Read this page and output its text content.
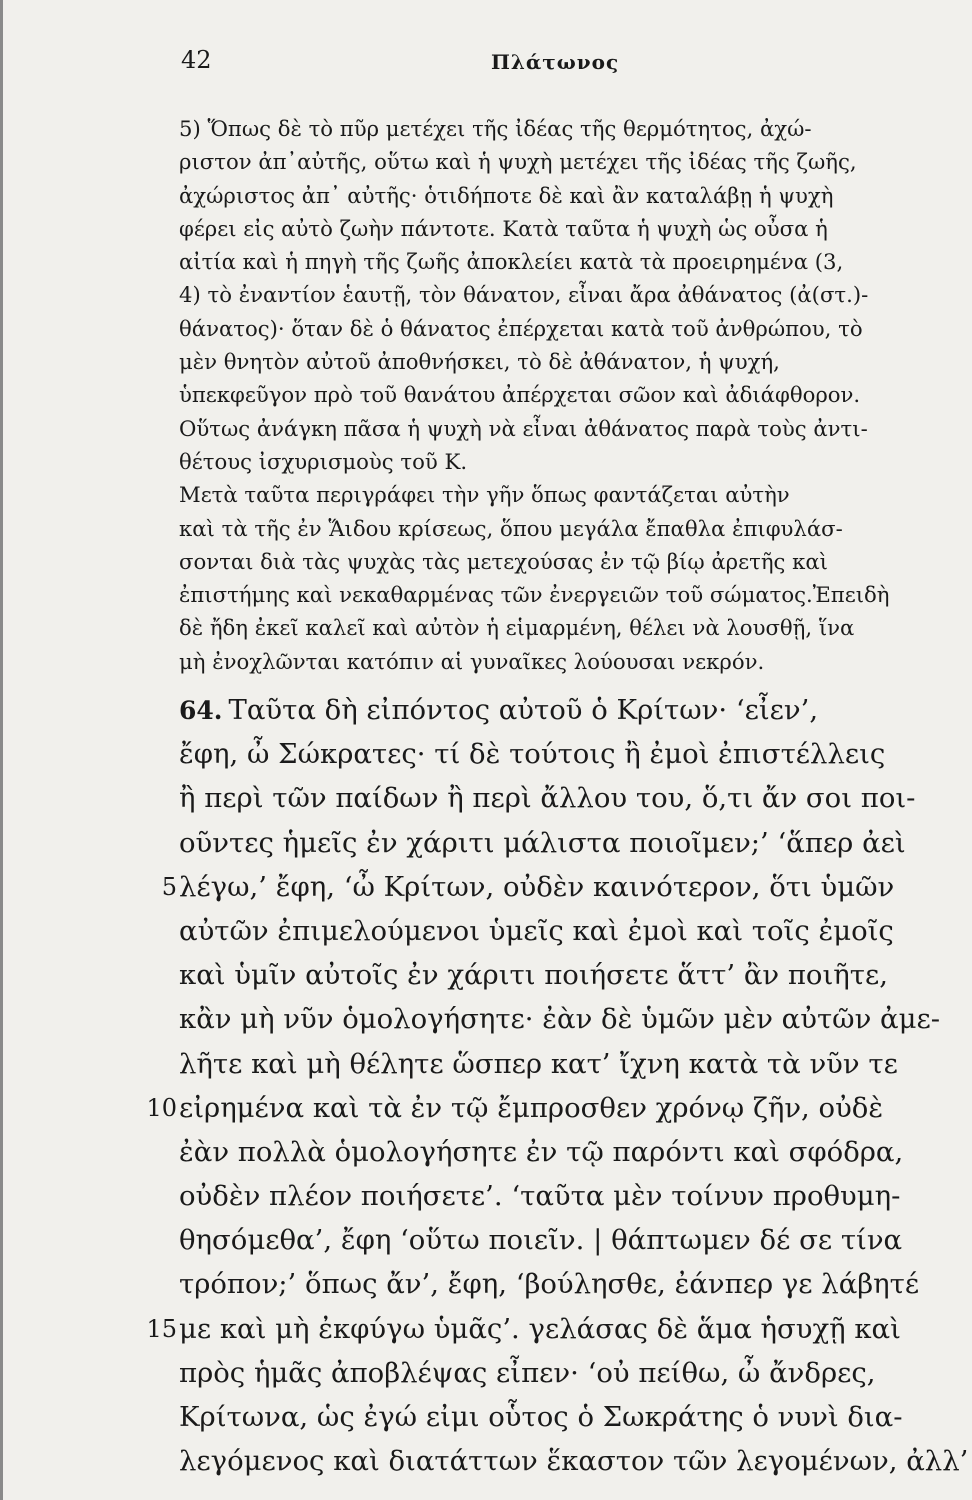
42	Πλάτωνος
5) Ὅπως δὲ τὸ πῦρ μετέχει τῆς ἰδέας τῆς θερμότητος, ἀχώ-
ριστον ἀπ᾽αὐτῆς, οὕτω καὶ ἡ ψυχὴ μετέχει τῆς ἰδέας τῆς ζωῆς,
ἀχώριστος ἀπ᾽ αὐτῆς· ὁτιδήποτε δὲ καὶ ἂν καταλάβῃ ἡ ψυχὴ
φέρει εἰς αὐτὸ ζωὴν πάντοτε. Κατὰ ταῦτα ἡ ψυχὴ ὡς οὖσα ἡ
αἰτία καὶ ἡ πηγὴ τῆς ζωῆς ἀποκλείει κατὰ τὰ προειρημένα (3,
4) τὸ ἐναντίον ἑαυτῇ, τὸν θάνατον, εἶναι ἄρα ἀθάνατος (ἀ(στ.)-
θάνατος)· ὅταν δὲ ὁ θάνατος ἐπέρχεται κατὰ τοῦ ἀνθρώπου, τὸ
μὲν θνητὸν αὐτοῦ ἀποθνήσκει, τὸ δὲ ἀθάνατον, ἡ ψυχή,
ὑπεκφεῦγον πρὸ τοῦ θανάτου ἀπέρχεται σῶον καὶ ἀδιάφθορον.
Οὕτως ἀνάγκη πᾶσα ἡ ψυχὴ νὰ εἶναι ἀθάνατος παρὰ τοὺς ἀντι-
θέτους ἰσχυρισμοὺς τοῦ Κ.
Μετὰ ταῦτα περιγράφει τὴν γῆν ὅπως φαντάζεται αὐτὴν
καὶ τὰ τῆς ἐν Ἅιδου κρίσεως, ὅπου μεγάλα ἔπαθλα ἐπιφυλάσ-
σονται διὰ τὰς ψυχὰς τὰς μετεχούσας ἐν τῷ βίῳ ἀρετῆς καὶ
ἐπιστήμης καὶ νεκαθαρμένας τῶν ἐνεργειῶν τοῦ σώματος.Ἐπειδὴ
δὲ ἤδη ἐκεῖ καλεῖ καὶ αὐτὸν ἡ εἱμαρμένη, θέλει νὰ λουσθῇ, ἵνα
μὴ ἐνοχλῶνται κατόπιν αἱ γυναῖκες λούουσαι νεκρόν.
64. Ταῦτα δὴ εἰπόντος αὐτοῦ ὁ Κρίτων· ‘εἶεν’,
ἔφη, ὦ Σώκρατες· τί δὲ τούτοις ἢ ἐμοὶ ἐπιστέλλεις
ἢ περὶ τῶν παίδων ἢ περὶ ἄλλου του, ὅ,τι ἄν σοι ποι-
οῦντες ἡμεῖς ἐν χάριτι μάλιστα ποιοῖμεν;’ ‘ἅπερ ἀεὶ
5 λέγω,’ ἔφη, ‘ὦ Κρίτων, οὐδὲν καινότερον, ὅτι ὑμῶν
αὐτῶν ἐπιμελούμενοι ὑμεῖς καὶ ἐμοὶ καὶ τοῖς ἐμοῖς
καὶ ὑμῖν αὐτοῖς ἐν χάριτι ποιήσετε ἅττ’ ἂν ποιῆτε,
κἂν μὴ νῦν ὁμολογήσητε· ἐὰν δὲ ὑμῶν μὲν αὐτῶν ἀμε-
λῆτε καὶ μὴ θέλητε ὥσπερ κατ’ ἴχνη κατὰ τὰ νῦν τε
10 εἰρημένα καὶ τὰ ἐν τῷ ἔμπροσθεν χρόνῳ ζῆν, οὐδὲ
ἐὰν πολλὰ ὁμολογήσητε ἐν τῷ παρόντι καὶ σφόδρα,
οὐδὲν πλέον ποιήσετε’. ‘ταῦτα μὲν τοίνυν προθυμη-
θησόμεθα’, ἔφη ‘οὕτω ποιεῖν. | θάπτωμεν δέ σε τίνα
τρόπον;’ ὅπως ἄν’, ἔφη, ‘βούλησθε, ἐάνπερ γε λάβητέ
15 με καὶ μὴ ἐκφύγω ὑμᾶς’. γελάσας δὲ ἅμα ἡσυχῇ καὶ
πρὸς ἡμᾶς ἀποβλέψας εἶπεν· ‘οὐ πείθω, ὦ ἄνδρες,
Κρίτωνα, ὡς ἐγώ εἰμι οὗτος ὁ Σωκράτης ὁ νυνὶ δια-
λεγόμενος καὶ διατάττων ἕκαστον τῶν λεγομένων, ἀλλ’
